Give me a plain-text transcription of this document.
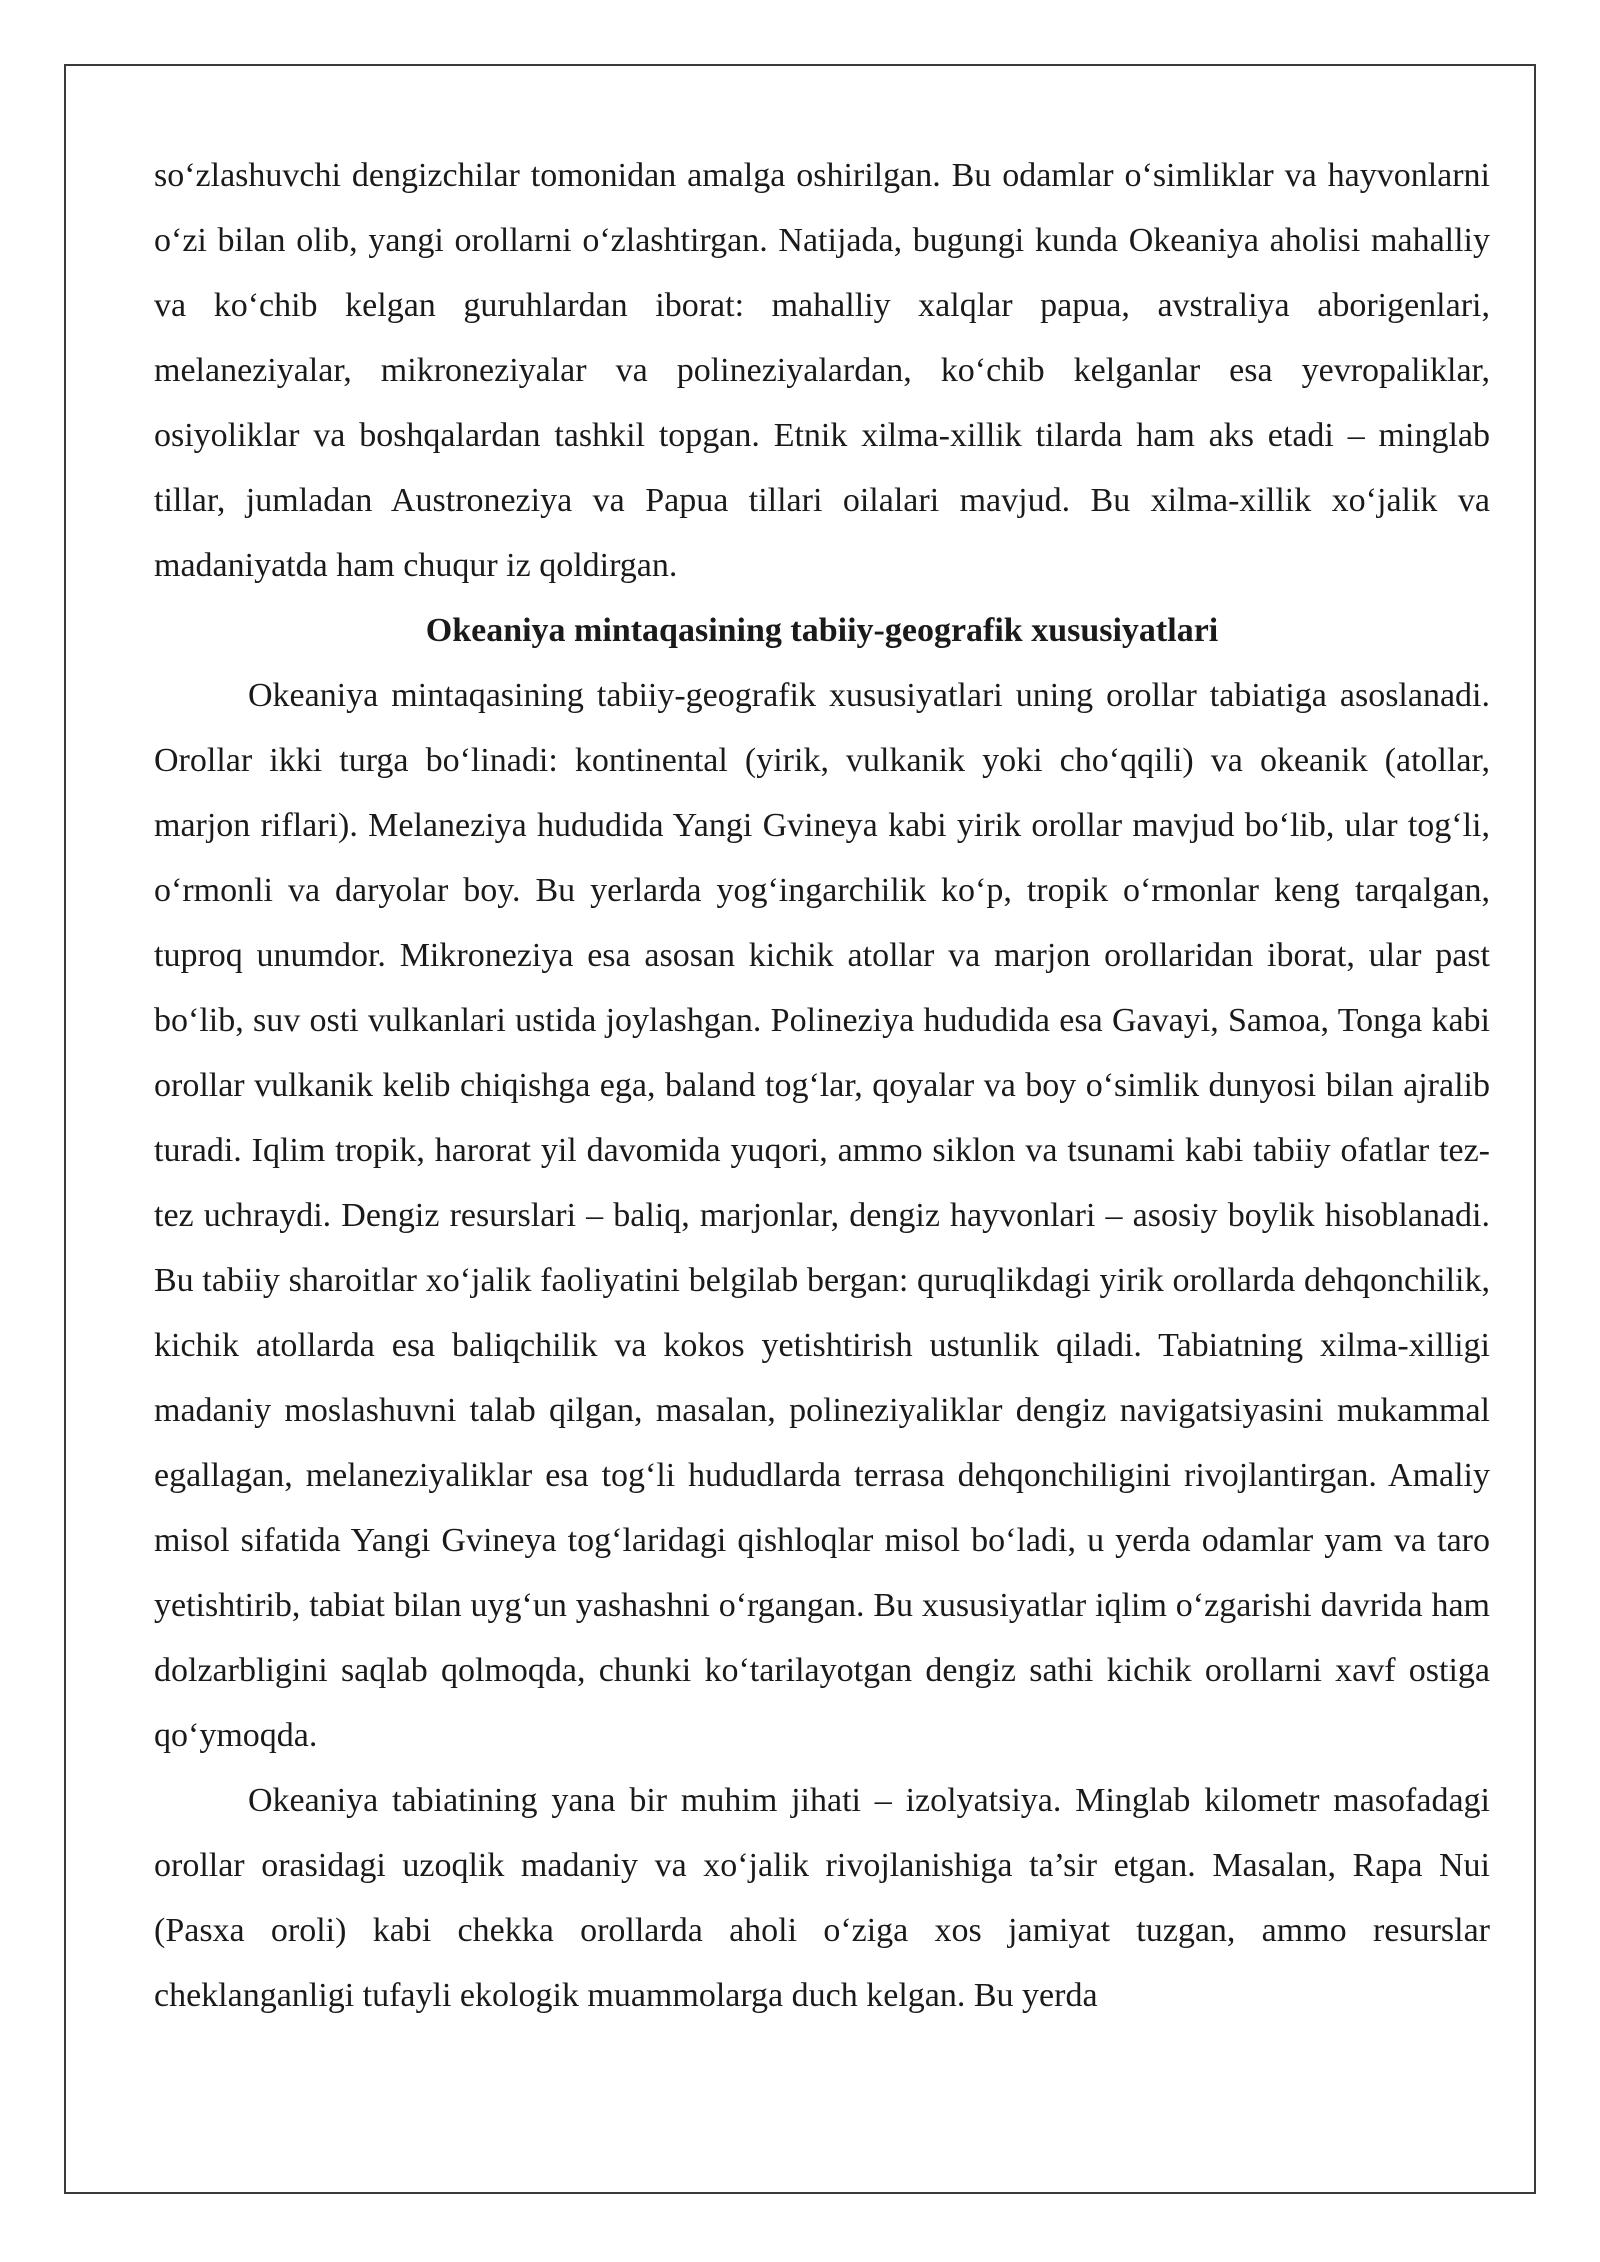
so‘zlashuvchi dengizchilar tomonidan amalga oshirilgan. Bu odamlar o‘simliklar va hayvonlarni o‘zi bilan olib, yangi orollarni o‘zlashtirgan. Natijada, bugungi kunda Okeaniya aholisi mahalliy va ko‘chib kelgan guruhlardan iborat: mahalliy xalqlar papua, avstraliya aborigenlari, melaneziyalar, mikroneziyalar va polineziyalardan, ko‘chib kelganlar esa yevropaliklar, osiyoliklar va boshqalardan tashkil topgan. Etnik xilma-xillik tilarda ham aks etadi – minglab tillar, jumladan Austroneziya va Papua tillari oilalari mavjud. Bu xilma-xillik xo‘jalik va madaniyatda ham chuqur iz qoldirgan.

Okeaniya mintaqasining tabiiy-geografik xususiyatlari

Okeaniya mintaqasining tabiiy-geografik xususiyatlari uning orollar tabiatiga asoslanadi. Orollar ikki turga bo‘linadi: kontinental (yirik, vulkanik yoki cho‘qqili) va okeanik (atollar, marjon riflari). Melaneziya hududida Yangi Gvineya kabi yirik orollar mavjud bo‘lib, ular tog‘li, o‘rmonli va daryolar boy. Bu yerlarda yog‘ingarchilik ko‘p, tropik o‘rmonlar keng tarqalgan, tuproq unumdor. Mikroneziya esa asosan kichik atollar va marjon orollaridan iborat, ular past bo‘lib, suv osti vulkanlari ustida joylashgan. Polineziya hududida esa Gavayi, Samoa, Tonga kabi orollar vulkanik kelib chiqishga ega, baland tog‘lar, qoyalar va boy o‘simlik dunyosi bilan ajralib turadi. Iqlim tropik, harorat yil davomida yuqori, ammo siklon va tsunami kabi tabiiy ofatlar tez-tez uchraydi. Dengiz resurslari – baliq, marjonlar, dengiz hayvonlari – asosiy boylik hisoblanadi. Bu tabiiy sharoitlar xo‘jalik faoliyatini belgilab bergan: quruqlikdagi yirik orollarda dehqonchilik, kichik atollarda esa baliqchilik va kokos yetishtirish ustunlik qiladi. Tabiatning xilma-xilligi madaniy moslashuvni talab qilgan, masalan, polineziyaliklar dengiz navigatsiyasini mukammal egallagan, melaneziyaliklar esa tog‘li hududlarda terrasa dehqonchiligini rivojlantirgan. Amaliy misol sifatida Yangi Gvineya tog‘laridagi qishloqlar misol bo‘ladi, u yerda odamlar yam va taro yetishtirib, tabiat bilan uyg‘un yashashni o‘rgangan. Bu xususiyatlar iqlim o‘zgarishi davrida ham dolzarbligini saqlab qolmoqda, chunki ko‘tarilayotgan dengiz sathi kichik orollarni xavf ostiga qo‘ymoqda.

Okeaniya tabiatining yana bir muhim jihati – izolyatsiya. Minglab kilometr masofadagi orollar orasidagi uzoqlik madaniy va xo‘jalik rivojlanishiga ta’sir etgan. Masalan, Rapa Nui (Pasxa oroli) kabi chekka orollarda aholi o‘ziga xos jamiyat tuzgan, ammo resurslar cheklanganligi tufayli ekologik muammolarga duch kelgan. Bu yerda
